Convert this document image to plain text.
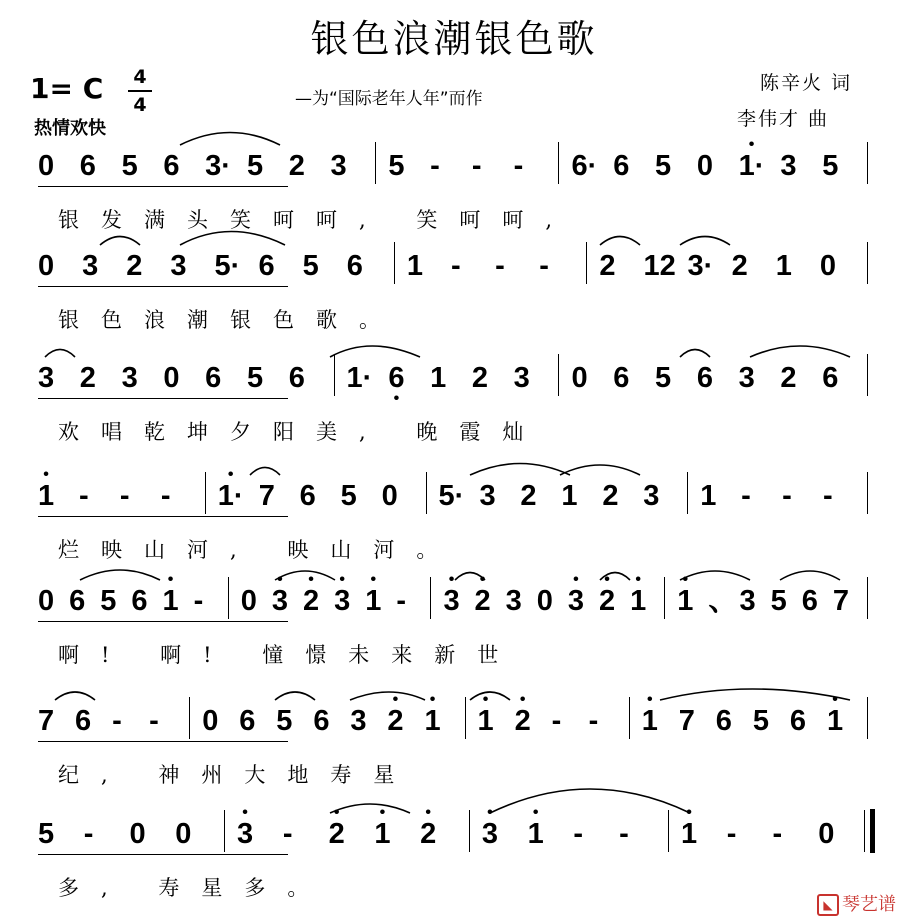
银色浪潮银色歌
1= C 4
4	—为“国际老年人年”而作
陈辛火 词
李伟才 曲
热情欢快
0 6 5 6 3· 5 2 3 5 - - - 6· 6 5 0 1·
•
3 5
银发满头笑呵呵, 笑呵呵,
0 3 2 3 5· 6 5 6 1 - - - 2 12 3· 2 1 0
银色浪潮银色歌。
3 2 3 0 6 5 6 1· 6
•
1 2 3 0 6 5 6 3 2 6
欢唱乾坤夕阳美, 晚霞灿
1
•
- - - 1·
•
7 6 5 0 5· 3 2 1 2 3 1 - - -
烂映山河, 映山河。
0 6 5 6 1
•
- 0 3
•
2
•
3
•
1
•
- 3
•
2
•
3 0 3
•
2
•
1
•
1
•
、 3 5 6 7
啊! 啊! 憧憬未来新世
7 6 - - 0 6 5 6 3 2
•
1
•
1
•
2
•
- - 1
•
7 6 5 6 1
•
纪, 神州大地寿星
5 - 0 0 3
•
- 2
•
1
•
2
•
3
•
1
•
- - 1
•
- - 0
多, 寿星多。
◣ 琴艺谱
